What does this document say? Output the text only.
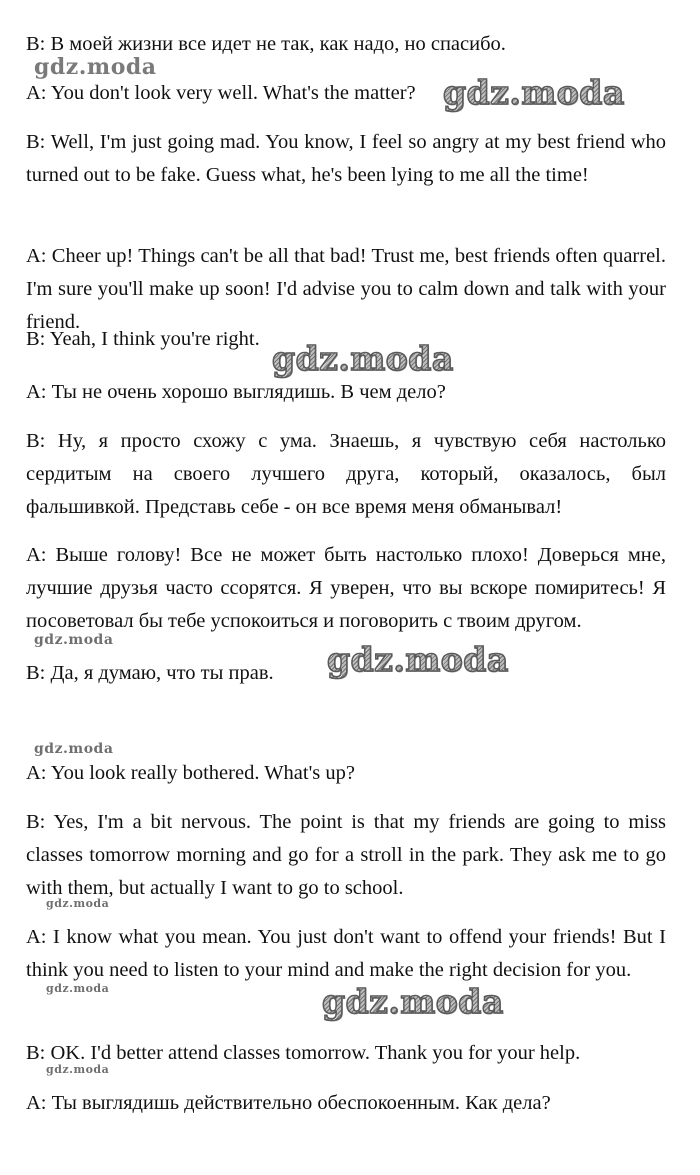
B: В моей жизни все идет не так, как надо, но спасибо.

A: You don't look very well. What's the matter?

B: Well, I'm just going mad. You know, I feel so angry at my best friend who turned out to be fake. Guess what, he's been lying to me all the time!

A: Cheer up! Things can't be all that bad! Trust me, best friends often quarrel. I'm sure you'll make up soon! I'd advise you to calm down and talk with your friend.

B: Yeah, I think you're right.

A: Ты не очень хорошо выглядишь. В чем дело?

B: Ну, я просто схожу с ума. Знаешь, я чувствую себя настолько сердитым на своего лучшего друга, который, оказалось, был фальшивкой. Представь себе - он все время меня обманывал!

A: Выше голову! Все не может быть настолько плохо! Доверься мне, лучшие друзья часто ссорятся. Я уверен, что вы вскоре помиритесь! Я посоветовал бы тебе успокоиться и поговорить с твоим другом.

B: Да, я думаю, что ты прав.

A: You look really bothered. What's up?

B: Yes, I'm a bit nervous. The point is that my friends are going to miss classes tomorrow morning and go for a stroll in the park. They ask me to go with them, but actually I want to go to school.

A: I know what you mean. You just don't want to offend your friends! But I think you need to listen to your mind and make the right decision for you.

B: OK. I'd better attend classes tomorrow. Thank you for your help.

A: Ты выглядишь действительно обеспокоенным. Как дела?

gdz.moda
gdz.moda
gdz.moda
gdz.moda	gdz.moda
gdz.moda
gdz.moda
gdz.moda	gdz.moda
gdz.moda
